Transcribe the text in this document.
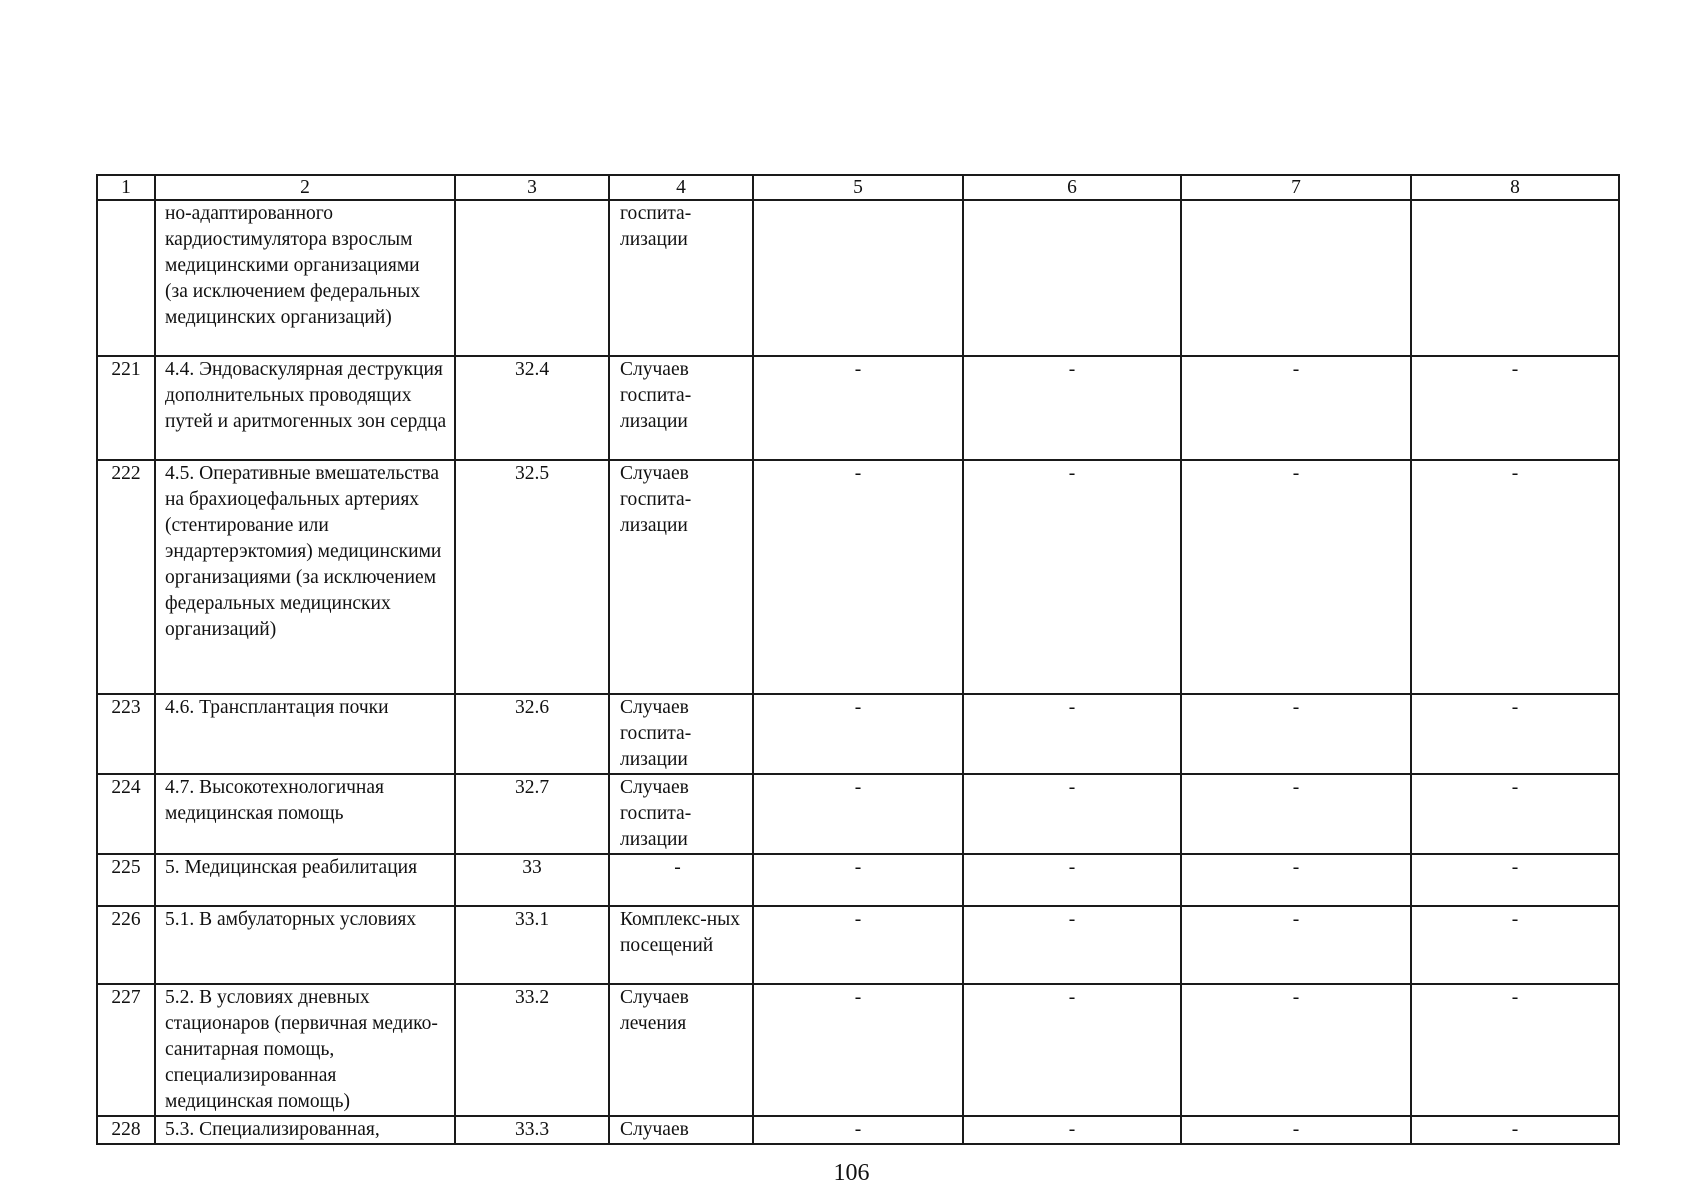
1	2	3	4	5	6	7	8
	но-адаптированного кардиостимулятора взрослым медицинскими организациями (за исключением федеральных медицинских организаций)		госпита-лизации				
221	4.4. Эндоваскулярная деструкция дополнительных проводящих путей и аритмогенных зон сердца	32.4	Случаев госпита-лизации	-	-	-	-
222	4.5. Оперативные вмешательства на брахиоцефальных артериях (стентирование или эндартерэктомия) медицинскими организациями (за исключением федеральных медицинских организаций)	32.5	Случаев госпита-лизации	-	-	-	-
223	4.6. Трансплантация почки	32.6	Случаев госпита-лизации	-	-	-	-
224	4.7. Высокотехнологичная медицинская помощь	32.7	Случаев госпита-лизации	-	-	-	-
225	5. Медицинская реабилитация	33	-	-	-	-	-
226	5.1. В амбулаторных условиях	33.1	Комплекс-ных посещений	-	-	-	-
227	5.2. В условиях дневных стационаров (первичная медико-санитарная помощь, специализированная медицинская помощь)	33.2	Случаев лечения	-	-	-	-
228	5.3. Специализированная,	33.3	Случаев	-	-	-	-
106
